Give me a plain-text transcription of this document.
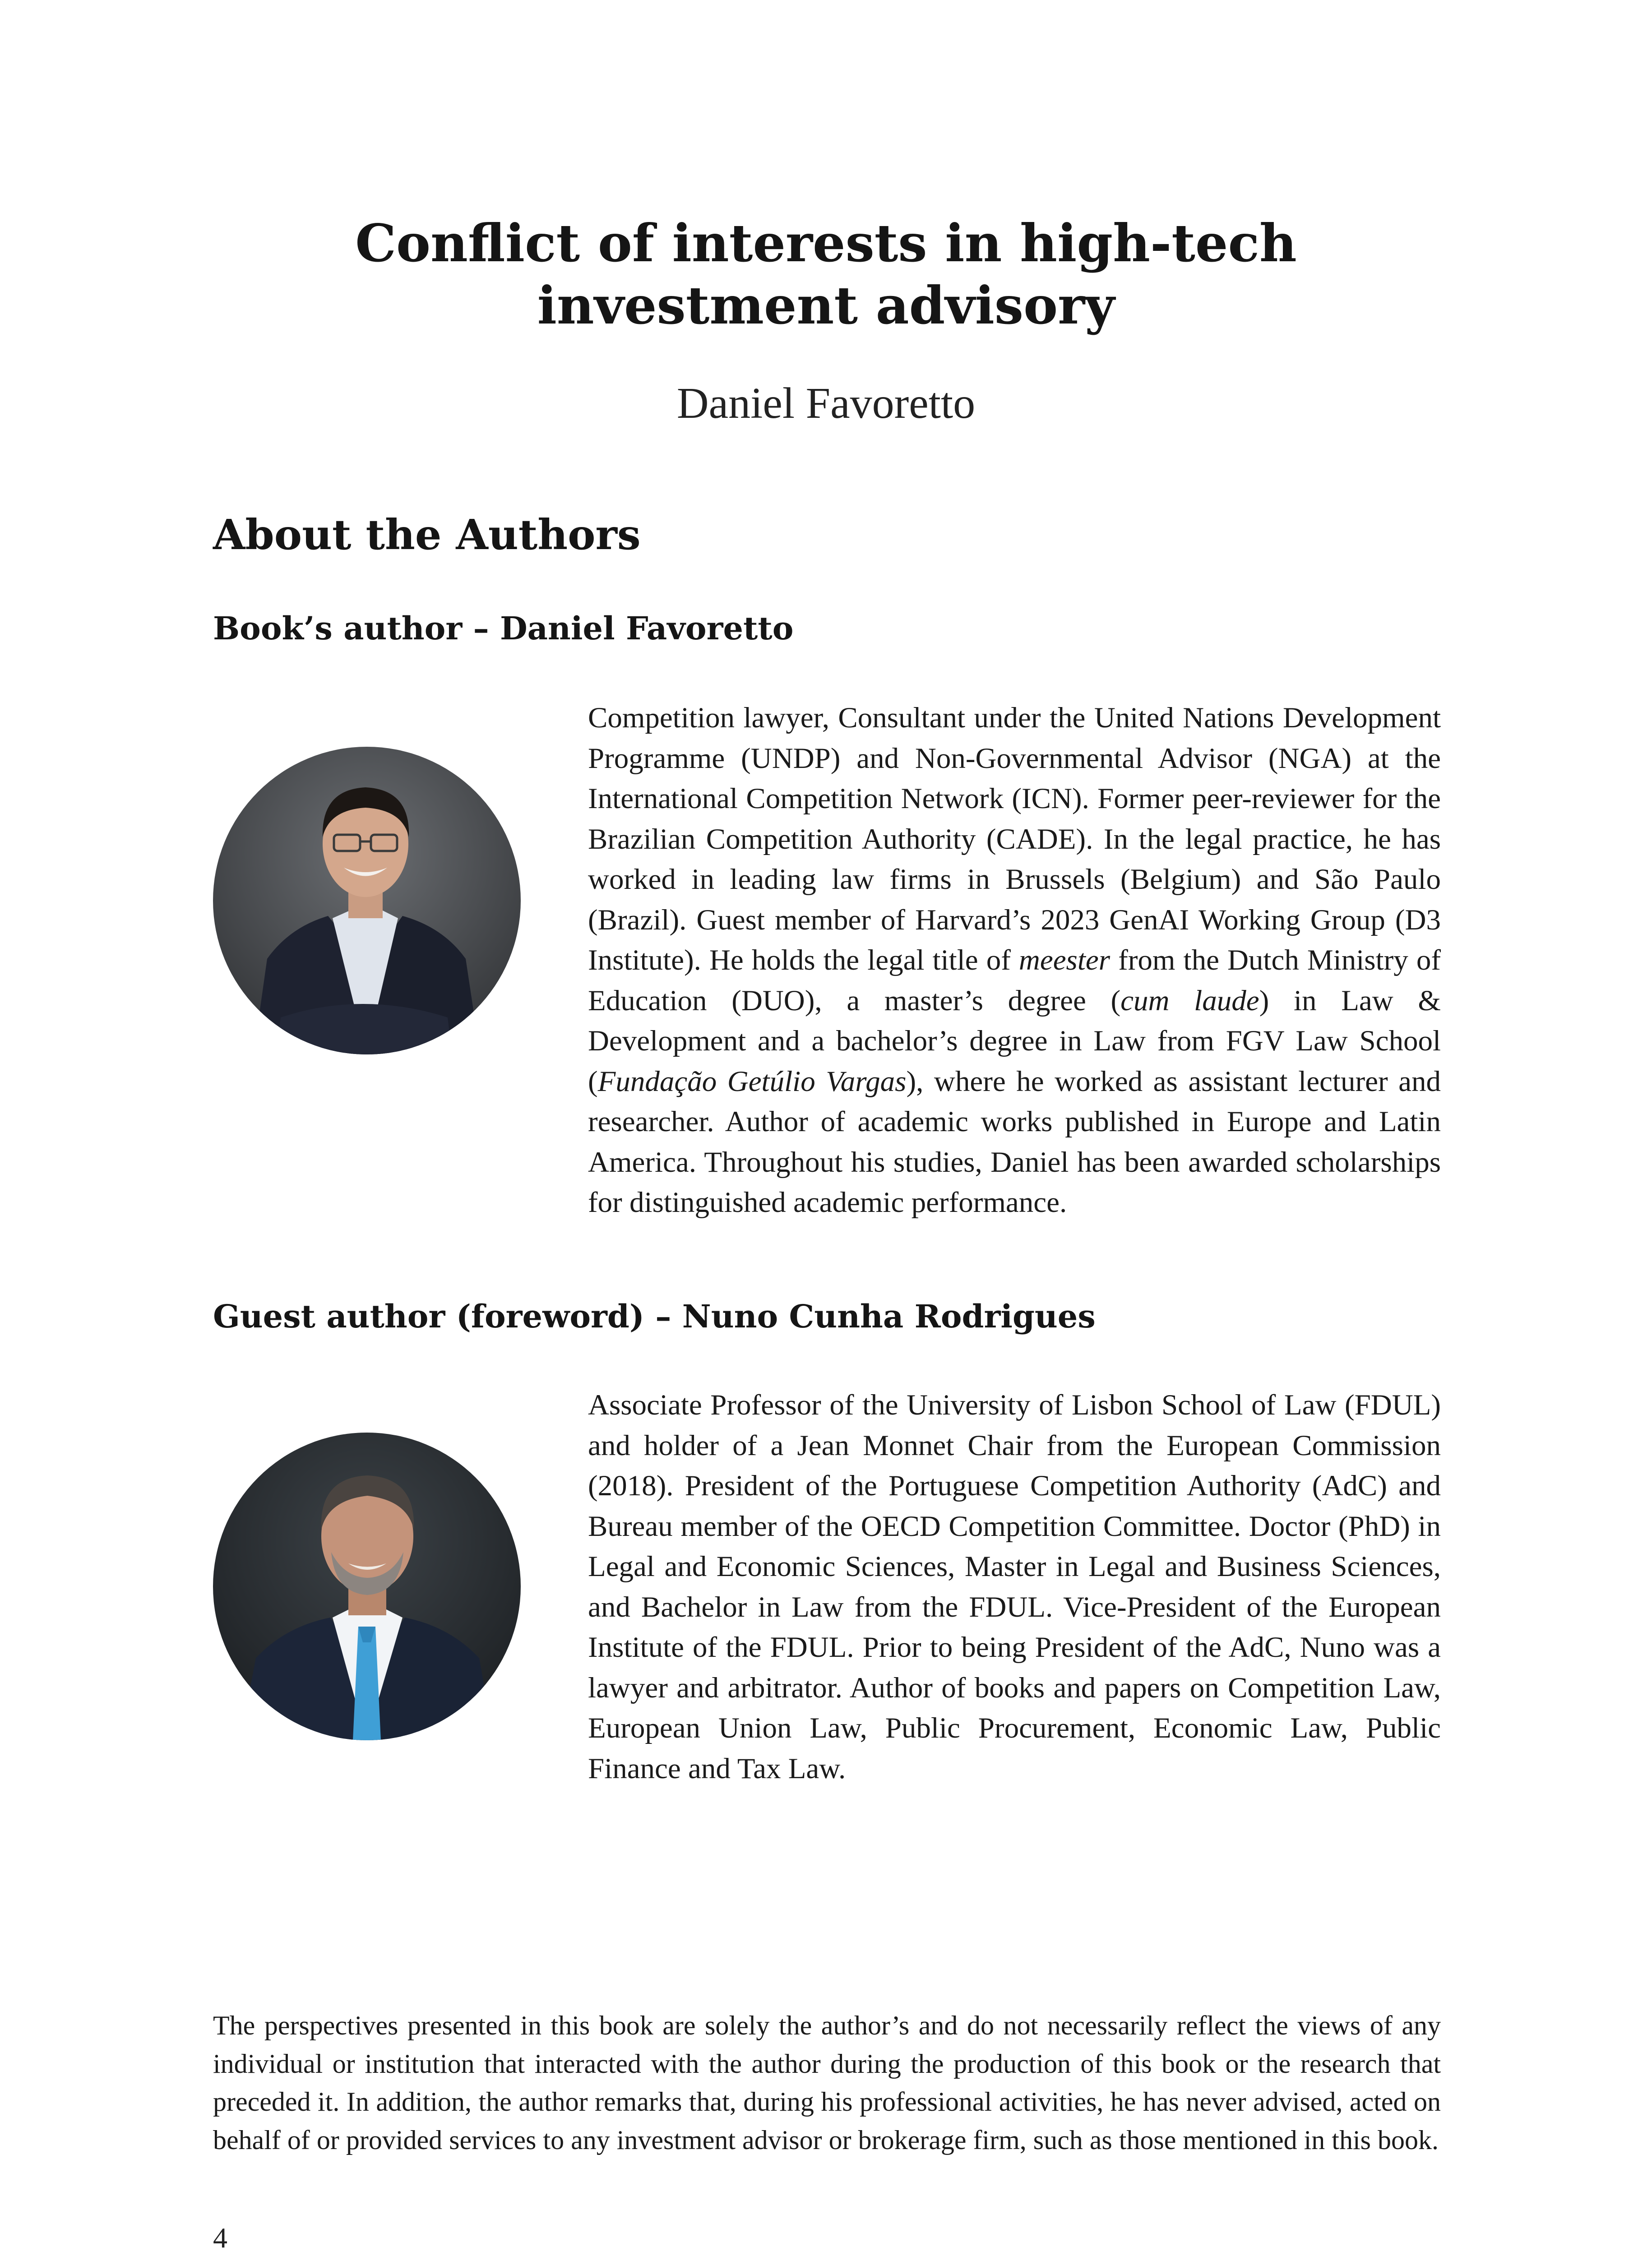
Conflict of interests in high-tech investment advisory
Daniel Favoretto
About the Authors
Book’s author – Daniel Favoretto

Competition lawyer, Consultant under the United Nations Development Programme (UNDP) and Non-Governmental Advisor (NGA) at the International Competition Network (ICN). Former peer-reviewer for the Brazilian Competition Authority (CADE). In the legal practice, he has worked in leading law firms in Brussels (Belgium) and São Paulo (Brazil). Guest member of Harvard’s 2023 GenAI Working Group (D3 Institute). He holds the legal title of meester from the Dutch Ministry of Education (DUO), a master’s degree (cum laude) in Law & Development and a bachelor’s degree in Law from FGV Law School (Fundação Getúlio Vargas), where he worked as assistant lecturer and researcher. Author of academic works published in Europe and Latin America. Throughout his studies, Daniel has been awarded scholarships for distinguished academic performance.

Guest author (foreword) – Nuno Cunha Rodrigues

Associate Professor of the University of Lisbon School of Law (FDUL) and holder of a Jean Monnet Chair from the European Commission (2018). President of the Portuguese Competition Authority (AdC) and Bureau member of the OECD Competition Committee. Doctor (PhD) in Legal and Economic Sciences, Master in Legal and Business Sciences, and Bachelor in Law from the FDUL. Vice-President of the European Institute of the FDUL. Prior to being President of the AdC, Nuno was a lawyer and arbitrator. Author of books and papers on Competition Law, European Union Law, Public Procurement, Economic Law, Public Finance and Tax Law.

The perspectives presented in this book are solely the author’s and do not necessarily reflect the views of any individual or institution that interacted with the author during the production of this book or the research that preceded it. In addition, the author remarks that, during his professional activities, he has never advised, acted on behalf of or provided services to any investment advisor or brokerage firm, such as those mentioned in this book.

4
